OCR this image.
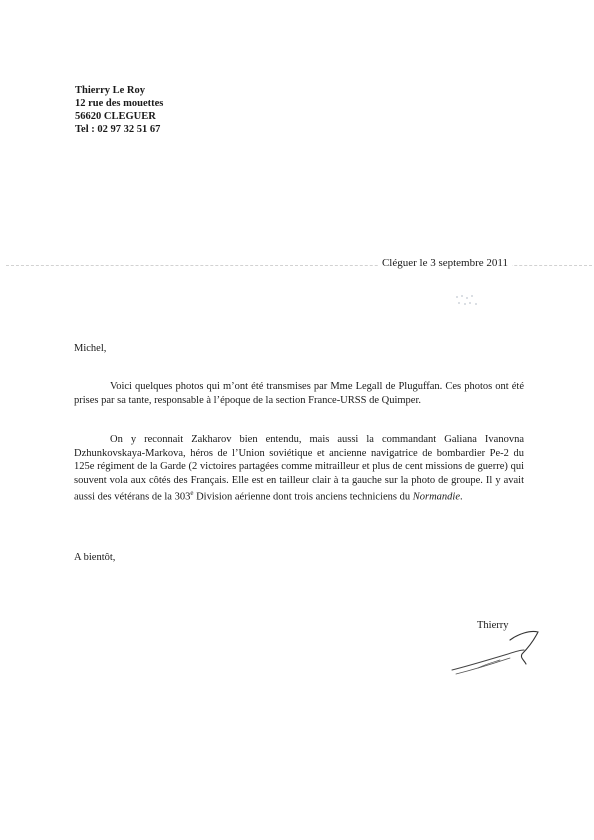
Thierry Le Roy
12 rue des mouettes
56620 CLEGUER
Tel : 02 97 32 51 67
Cléguer le 3 septembre 2011
Michel,

Voici quelques photos qui m’ont été transmises par Mme Legall de Pluguffan. Ces photos ont été prises par sa tante, responsable à l’époque de la section France-URSS de Quimper.

On y reconnait Zakharov bien entendu, mais aussi la commandant Galiana Ivanovna Dzhunkovskaya-Markova, héros de l’Union soviétique et ancienne navigatrice de bombardier Pe-2 du 125e régiment de la Garde (2 victoires partagées comme mitrailleur et plus de cent missions de guerre) qui souvent vola aux côtés des Français. Elle est en tailleur clair à ta gauche sur la photo de groupe. Il y avait aussi des vétérans de la 303e Division aérienne dont trois anciens techniciens du Normandie.

A bientôt,
Thierry
